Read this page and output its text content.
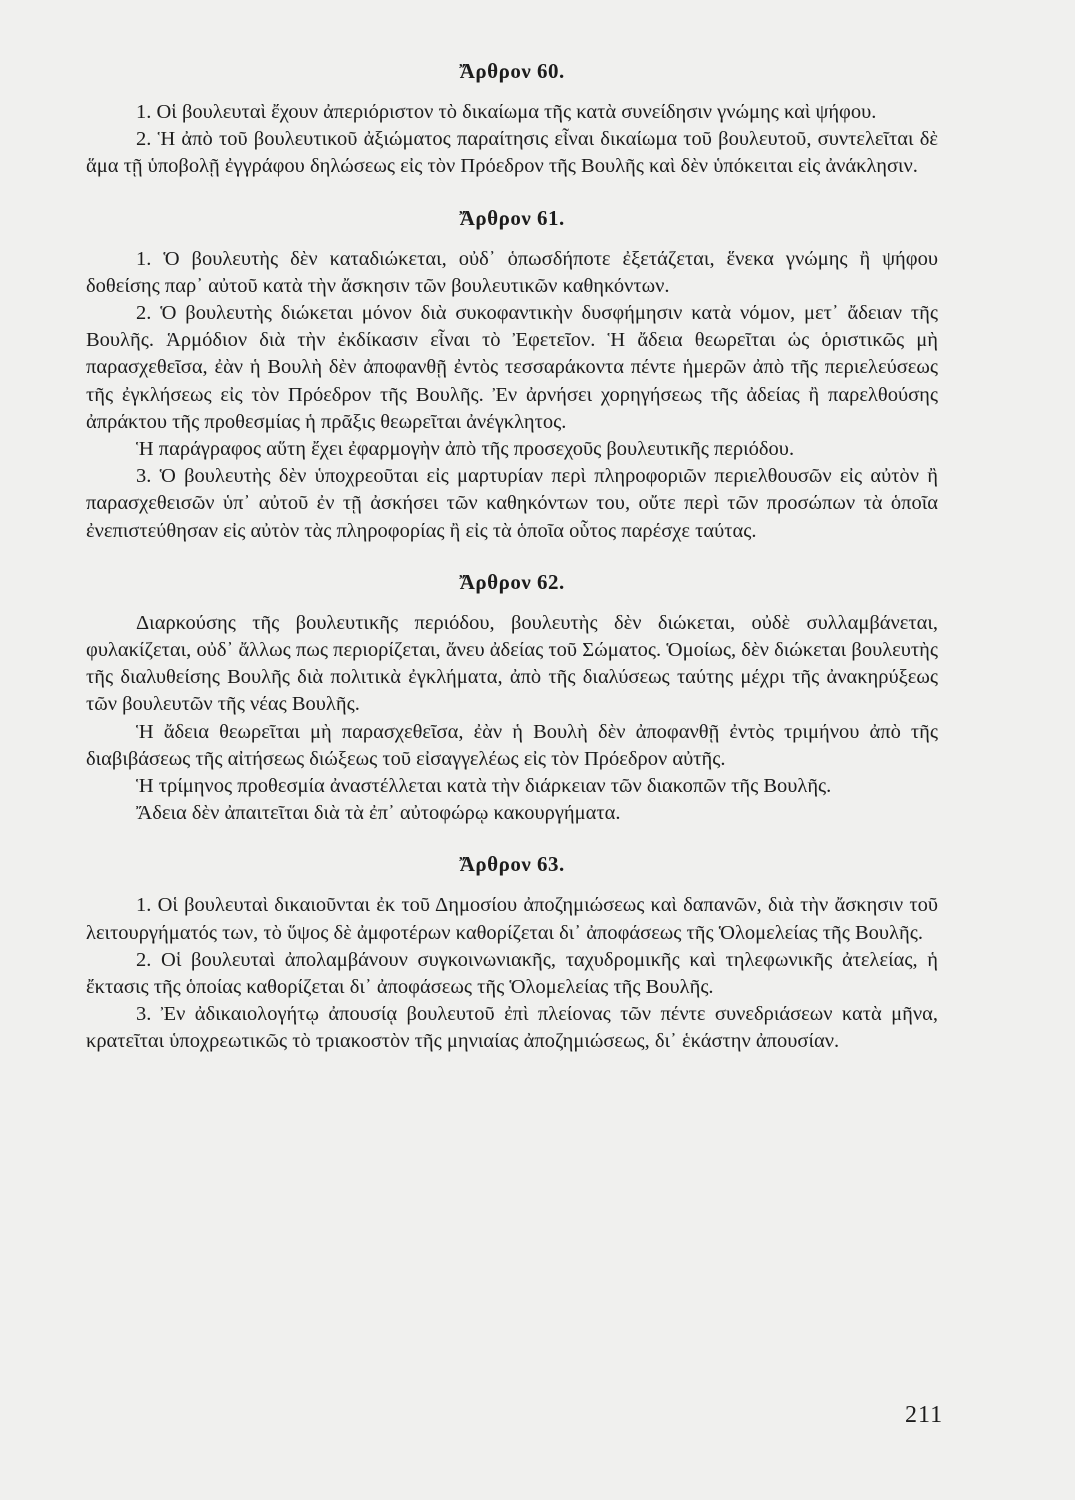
Ἄρθρον 60.

1. Οἱ βουλευταὶ ἔχουν ἀπεριόριστον τὸ δικαίωμα τῆς κατὰ συνείδησιν γνώμης καὶ ψήφου.

2. Ἡ ἀπὸ τοῦ βουλευτικοῦ ἀξιώματος παραίτησις εἶναι δικαίωμα τοῦ βουλευτοῦ, συντελεῖται δὲ ἅμα τῇ ὑποβολῇ ἐγγράφου δηλώσεως εἰς τὸν Πρόεδρον τῆς Βουλῆς καὶ δὲν ὑπόκειται εἰς ἀνάκλησιν.

Ἄρθρον 61.

1. Ὁ βουλευτὴς δὲν καταδιώκεται, οὐδ᾽ ὁπωσδήποτε ἐξετάζεται, ἕνεκα γνώμης ἢ ψήφου δοθείσης παρ᾽ αὐτοῦ κατὰ τὴν ἄσκησιν τῶν βουλευτικῶν καθηκόντων.

2. Ὁ βουλευτὴς διώκεται μόνον διὰ συκοφαντικὴν δυσφήμησιν κατὰ νόμον, μετ᾽ ἄδειαν τῆς Βουλῆς. Ἁρμόδιον διὰ τὴν ἐκδίκασιν εἶναι τὸ Ἐφετεῖον. Ἡ ἄδεια θεωρεῖται ὡς ὁριστικῶς μὴ παρασχεθεῖσα, ἐὰν ἡ Βουλὴ δὲν ἀποφανθῇ ἐντὸς τεσσαράκοντα πέντε ἡμερῶν ἀπὸ τῆς περιελεύσεως τῆς ἐγκλήσεως εἰς τὸν Πρόεδρον τῆς Βουλῆς. Ἐν ἀρνήσει χορηγήσεως τῆς ἀδείας ἢ παρελθούσης ἀπράκτου τῆς προθεσμίας ἡ πρᾶξις θεωρεῖται ἀνέγκλητος.

Ἡ παράγραφος αὕτη ἔχει ἐφαρμογὴν ἀπὸ τῆς προσεχοῦς βουλευτικῆς περιόδου.

3. Ὁ βουλευτὴς δὲν ὑποχρεοῦται εἰς μαρτυρίαν περὶ πληροφοριῶν περιελθουσῶν εἰς αὐτὸν ἢ παρασχεθεισῶν ὑπ᾽ αὐτοῦ ἐν τῇ ἀσκήσει τῶν καθηκόντων του, οὔτε περὶ τῶν προσώπων τὰ ὁποῖα ἐνεπιστεύθησαν εἰς αὐτὸν τὰς πληροφορίας ἢ εἰς τὰ ὁποῖα οὗτος παρέσχε ταύτας.

Ἄρθρον 62.

Διαρκούσης τῆς βουλευτικῆς περιόδου, βουλευτὴς δὲν διώκεται, οὐδὲ συλλαμβάνεται, φυλακίζεται, οὐδ᾽ ἄλλως πως περιορίζεται, ἄνευ ἀδείας τοῦ Σώματος. Ὁμοίως, δὲν διώκεται βουλευτὴς τῆς διαλυθείσης Βουλῆς διὰ πολιτικὰ ἐγκλήματα, ἀπὸ τῆς διαλύσεως ταύτης μέχρι τῆς ἀνακηρύξεως τῶν βουλευτῶν τῆς νέας Βουλῆς.

Ἡ ἄδεια θεωρεῖται μὴ παρασχεθεῖσα, ἐὰν ἡ Βουλὴ δὲν ἀποφανθῇ ἐντὸς τριμήνου ἀπὸ τῆς διαβιβάσεως τῆς αἰτήσεως διώξεως τοῦ εἰσαγγελέως εἰς τὸν Πρόεδρον αὐτῆς.

Ἡ τρίμηνος προθεσμία ἀναστέλλεται κατὰ τὴν διάρκειαν τῶν διακοπῶν τῆς Βουλῆς.

Ἄδεια δὲν ἀπαιτεῖται διὰ τὰ ἐπ᾽ αὐτοφώρῳ κακουργήματα.

Ἄρθρον 63.

1. Οἱ βουλευταὶ δικαιοῦνται ἐκ τοῦ Δημοσίου ἀποζημιώσεως καὶ δαπανῶν, διὰ τὴν ἄσκησιν τοῦ λειτουργήματός των, τὸ ὕψος δὲ ἀμφοτέρων καθορίζεται δι᾽ ἀποφάσεως τῆς Ὁλομελείας τῆς Βουλῆς.

2. Οἱ βουλευταὶ ἀπολαμβάνουν συγκοινωνιακῆς, ταχυδρομικῆς καὶ τηλεφωνικῆς ἀτελείας, ἡ ἔκτασις τῆς ὁποίας καθορίζεται δι᾽ ἀποφάσεως τῆς Ὁλομελείας τῆς Βουλῆς.

3. Ἐν ἀδικαιολογήτῳ ἀπουσίᾳ βουλευτοῦ ἐπὶ πλείονας τῶν πέντε συνεδριάσεων κατὰ μῆνα, κρατεῖται ὑποχρεωτικῶς τὸ τριακοστὸν τῆς μηνιαίας ἀποζημιώσεως, δι᾽ ἑκάστην ἀπουσίαν.

211
